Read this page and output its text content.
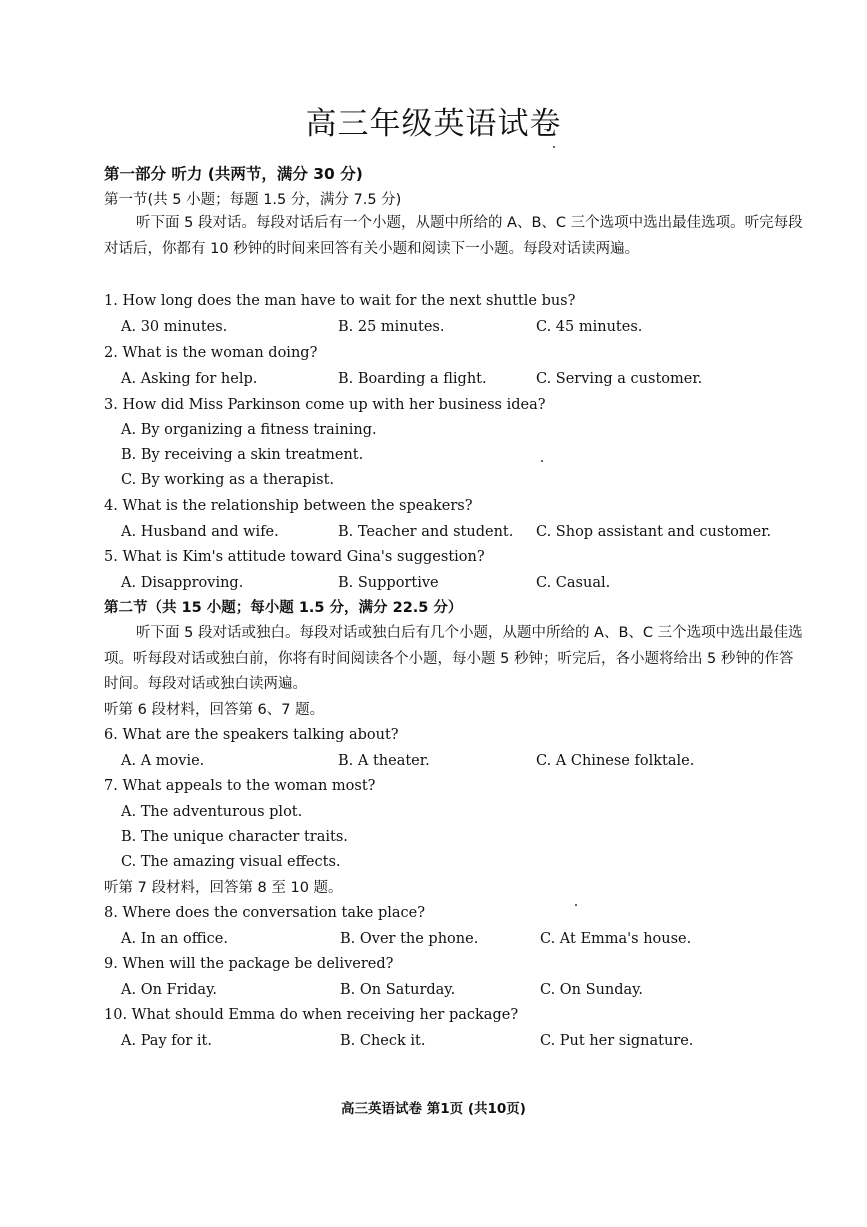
高三年级英语试卷
第一部分 听力 (共两节，满分 30 分)
第一节(共 5 小题；每题 1.5 分，满分 7.5 分)
听下面 5 段对话。每段对话后有一个小题，从题中所给的 A、B、C 三个选项中选出最佳选项。听完每段对话后，你都有 10 秒钟的时间来回答有关小题和阅读下一小题。每段对话读两遍。
1. How long does the man have to wait for the next shuttle bus?
A. 30 minutes.	B. 25 minutes.	C. 45 minutes.
2. What is the woman doing?
A. Asking for help.	B. Boarding a flight.	C. Serving a customer.
3. How did Miss Parkinson come up with her business idea?
A. By organizing a fitness training.
B. By receiving a skin treatment.
C. By working as a therapist.
4. What is the relationship between the speakers?
A. Husband and wife.	B. Teacher and student. C. Shop assistant and customer.
5. What is Kim's attitude toward Gina's suggestion?
A. Disapproving.	B. Supportive	C. Casual.
第二节（共 15 小题；每小题 1.5 分，满分 22.5 分）
听下面 5 段对话或独白。每段对话或独白后有几个小题，从题中所给的 A、B、C 三个选项中选出最佳选项。听每段对话或独白前，你将有时间阅读各个小题，每小题 5 秒钟；听完后，各小题将给出 5 秒钟的作答时间。每段对话或独白读两遍。
听第 6 段材料，回答第 6、7 题。
6. What are the speakers talking about?
A. A movie.	B. A theater.	C. A Chinese folktale.
7. What appeals to the woman most?
A. The adventurous plot.
B. The unique character traits.
C. The amazing visual effects.
听第 7 段材料，回答第 8 至 10 题。
8. Where does the conversation take place?
A. In an office.	B. Over the phone.	C. At Emma's house.
9. When will the package be delivered?
A. On Friday.	B. On Saturday.	C. On Sunday.
10. What should Emma do when receiving her package?
A. Pay for it.	B. Check it.	C. Put her signature.
高三英语试卷 第1页 (共10页)
